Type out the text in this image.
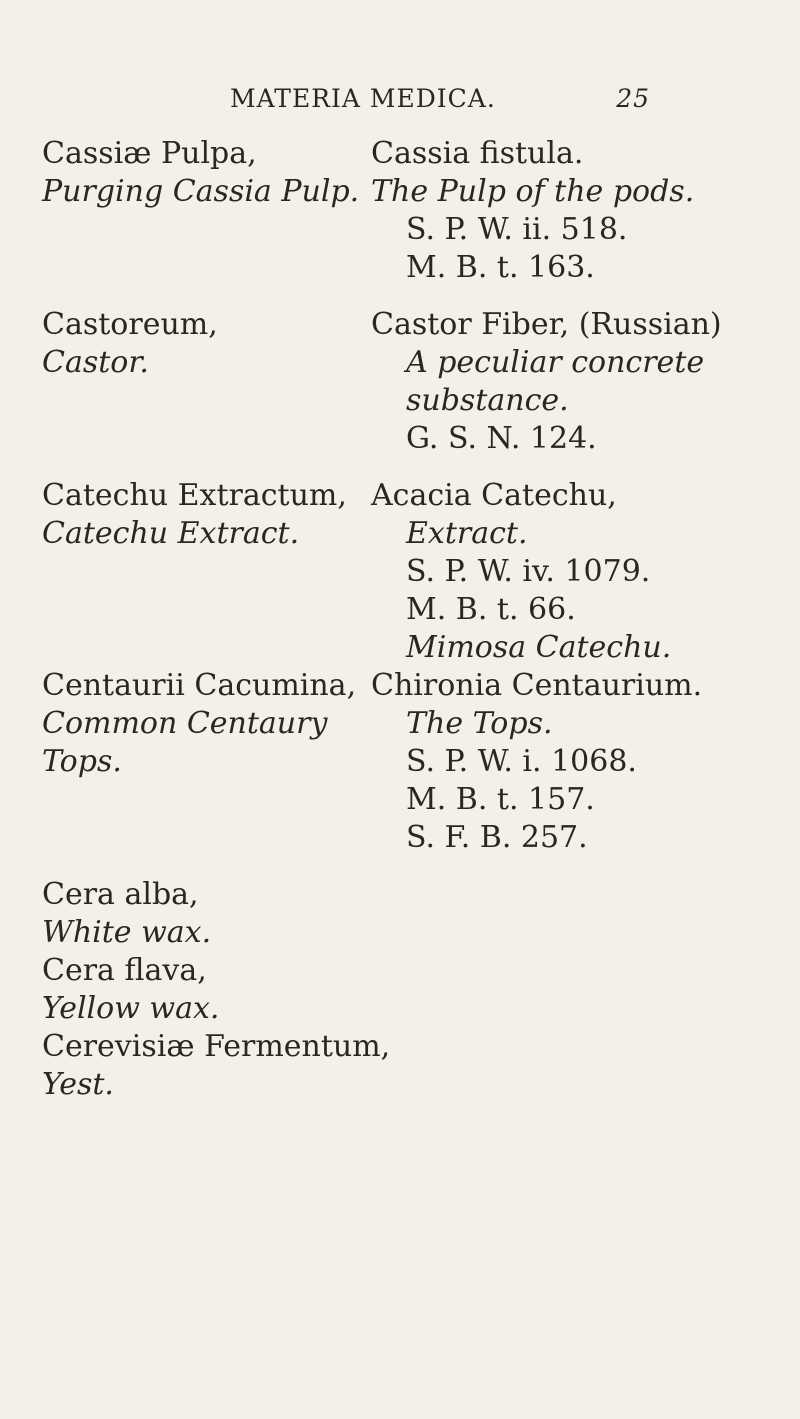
MATERIA MEDICA.	25
Cassiæ Pulpa,
Purging Cassia Pulp.
Cassia fistula.
The Pulp of the pods.
S. P. W. ii. 518.
M. B. t. 163.
Castoreum,
Castor.
Castor Fiber, (Russian)
A peculiar concrete
substance.
G. S. N. 124.
Catechu Extractum,
Catechu Extract.
Acacia Catechu,
Extract.
S. P. W. iv. 1079.
M. B. t. 66.
Mimosa Catechu.
Centaurii Cacumina,
Common Centaury
Tops.
Chironia Centaurium.
The Tops.
S. P. W. i. 1068.
M. B. t. 157.
S. F. B. 257.
Cera alba,
White wax.
Cera flava,
Yellow wax.
Cerevisiæ Fermentum,
Yest.
